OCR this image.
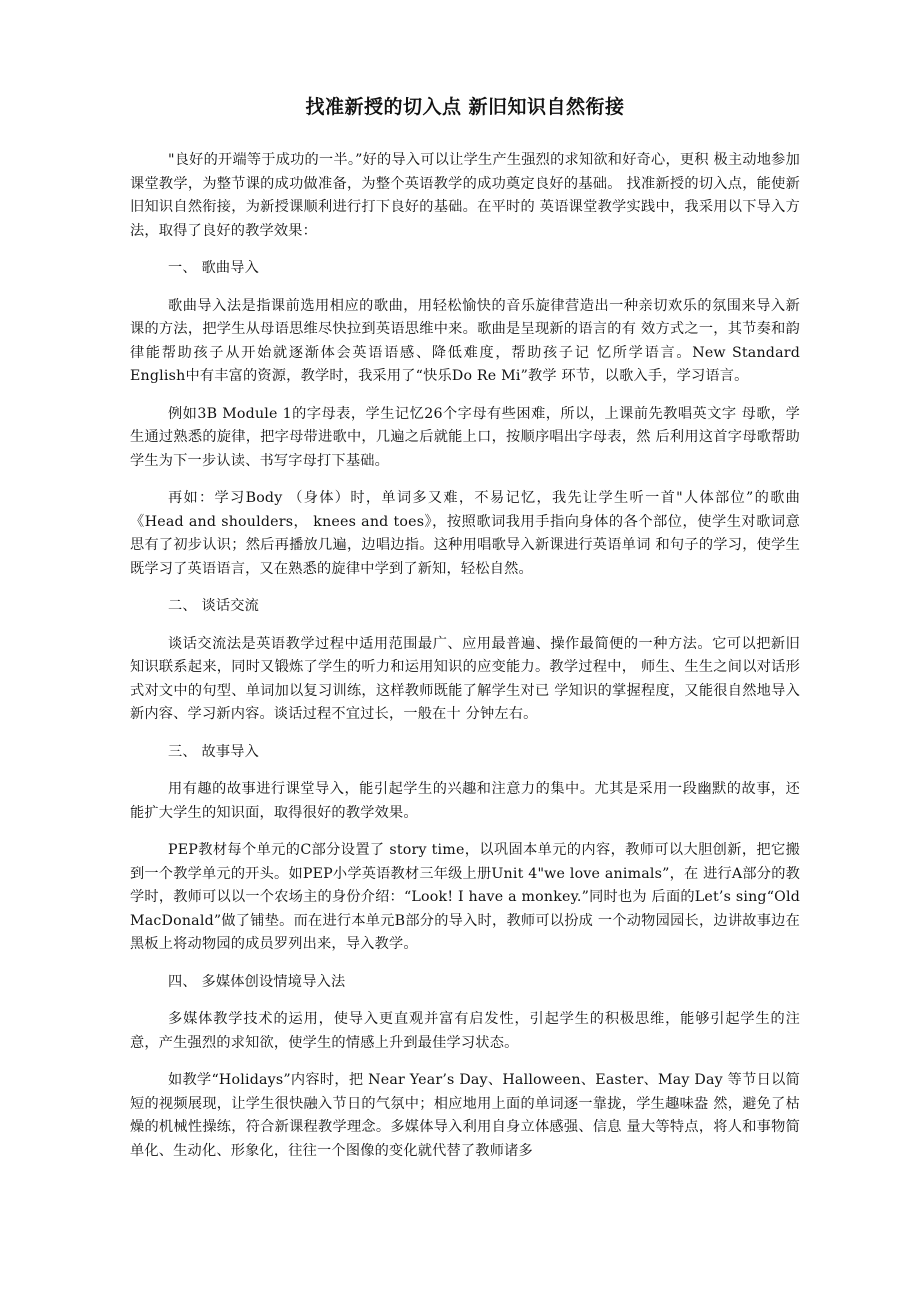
找准新授的切入点 新旧知识自然衔接

"良好的开端等于成功的一半。”好的导入可以让学生产生强烈的求知欲和好奇心，更积 极主动地参加课堂教学，为整节课的成功做准备，为整个英语教学的成功奠定良好的基础。 找准新授的切入点，能使新旧知识自然衔接，为新授课顺利进行打下良好的基础。在平时的 英语课堂教学实践中，我采用以下导入方法，取得了良好的教学效果：

一、 歌曲导入

歌曲导入法是指课前选用相应的歌曲，用轻松愉快的音乐旋律营造出一种亲切欢乐的氛围来导入新课的方法，把学生从母语思维尽快拉到英语思维中来。歌曲是呈现新的语言的有 效方式之一，其节奏和韵律能帮助孩子从开始就逐渐体会英语语感、降低难度，帮助孩子记 忆所学语言。New Standard English中有丰富的资源，教学时，我采用了“快乐Do Re Mi”教学 环节，以歌入手，学习语言。

例如3B Module 1的字母表，学生记忆26个字母有些困难，所以，上课前先教唱英文字 母歌，学生通过熟悉的旋律，把字母带进歌中，几遍之后就能上口，按顺序唱出字母表，然 后利用这首字母歌帮助学生为下一步认读、书写字母打下基础。

再如：学习Body （身体）时，单词多又难，不易记忆，我先让学生听一首"人体部位”的歌曲《Head and shoulders， knees and toes》，按照歌词我用手指向身体的各个部位，使学生对歌词意思有了初步认识；然后再播放几遍，边唱边指。这种用唱歌导入新课进行英语单词 和句子的学习，使学生既学习了英语语言，又在熟悉的旋律中学到了新知，轻松自然。

二、 谈话交流

谈话交流法是英语教学过程中适用范围最广、应用最普遍、操作最简便的一种方法。它可以把新旧知识联系起来，同时又锻炼了学生的听力和运用知识的应变能力。教学过程中， 师生、生生之间以对话形式对文中的句型、单词加以复习训练，这样教师既能了解学生对已 学知识的掌握程度，又能很自然地导入新内容、学习新内容。谈话过程不宜过长，一般在十 分钟左右。

三、 故事导入

用有趣的故事进行课堂导入，能引起学生的兴趣和注意力的集中。尤其是采用一段幽默的故事，还能扩大学生的知识面，取得很好的教学效果。

PEP教材每个单元的C部分设置了 story time，以巩固本单元的内容，教师可以大胆创新，把它搬到一个教学单元的开头。如PEP小学英语教材三年级上册Unit 4"we love animals”，在 进行A部分的教学时，教师可以以一个农场主的身份介绍：“Look! I have a monkey.”同时也为 后面的Let’s sing“Old MacDonald”做了铺垫。而在进行本单元B部分的导入时，教师可以扮成 一个动物园园长，边讲故事边在黑板上将动物园的成员罗列出来，导入教学。

四、 多媒体创设情境导入法

多媒体教学技术的运用，使导入更直观并富有启发性，引起学生的积极思维，能够引起学生的注意，产生强烈的求知欲，使学生的情感上升到最佳学习状态。

如教学“Holidays”内容时，把 Near Year’s Day、Halloween、Easter、May Day 等节日以简短的视频展现，让学生很快融入节日的气氛中；相应地用上面的单词逐一靠拢，学生趣味盎 然，避免了枯燥的机械性操练，符合新课程教学理念。多媒体导入利用自身立体感强、信息 量大等特点，将人和事物简单化、生动化、形象化，往往一个图像的变化就代替了教师诸多
